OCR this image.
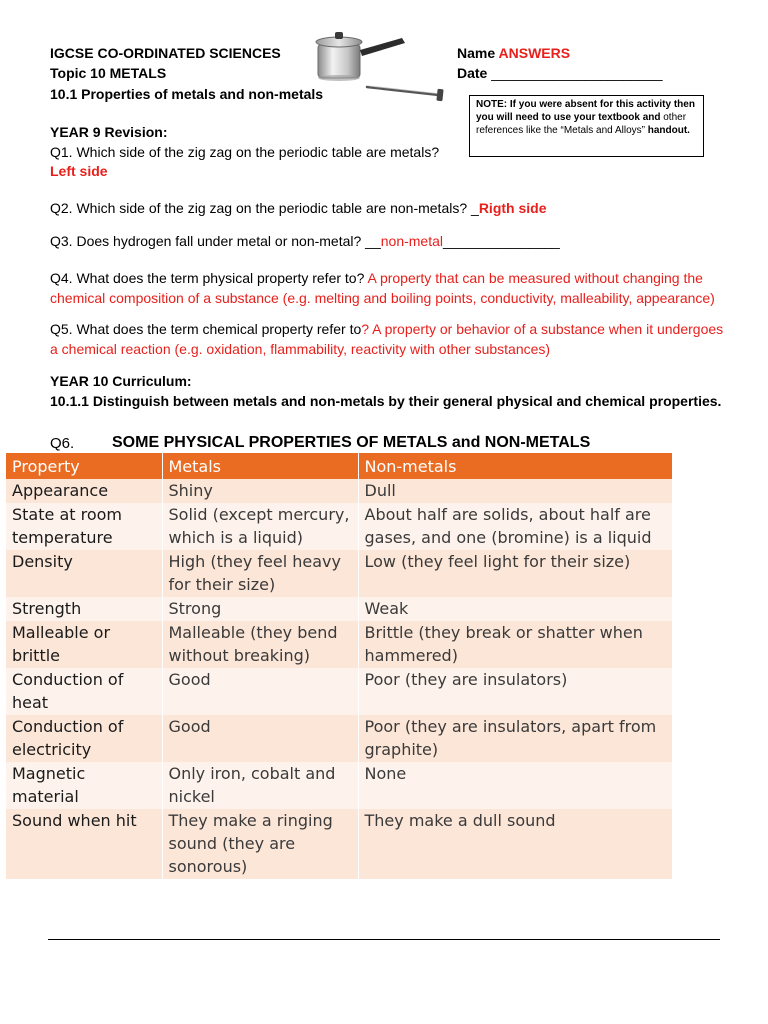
IGCSE CO-ORDINATED SCIENCES
Topic 10 METALS
10.1 Properties of metals and non-metals
Name ANSWERS
Date ______________________
NOTE: If you were absent for this activity then you will need to use your textbook and other references like the “Metals and Alloys” handout.
YEAR 9 Revision:
Q1. Which side of the zig zag on the periodic table are metals?
Left side
Q2. Which side of the zig zag on the periodic table are non-metals? _Rigth side
Q3. Does hydrogen fall under metal or non-metal? __non-metal_______________
Q4. What does the term physical property refer to? A property that can be measured without changing the chemical composition of a substance (e.g. melting and boiling points, conductivity, malleability, appearance)
Q5. What does the term chemical property refer to? A property or behavior of a substance when it undergoes a chemical reaction (e.g. oxidation, flammability, reactivity with other substances)
YEAR 10 Curriculum:
10.1.1 Distinguish between metals and non-metals by their general physical and chemical properties.
Q6. SOME PHYSICAL PROPERTIES OF METALS and NON-METALS
Property	Metals	Non-metals
Appearance	Shiny	Dull
State at room temperature	Solid (except mercury, which is a liquid)	About half are solids, about half are gases, and one (bromine) is a liquid
Density	High (they feel heavy for their size)	Low (they feel light for their size)
Strength	Strong	Weak
Malleable or brittle	Malleable (they bend without breaking)	Brittle (they break or shatter when hammered)
Conduction of heat	Good	Poor (they are insulators)
Conduction of electricity	Good	Poor (they are insulators, apart from graphite)
Magnetic material	Only iron, cobalt and nickel	None
Sound when hit	They make a ringing sound (they are sonorous)	They make a dull sound
